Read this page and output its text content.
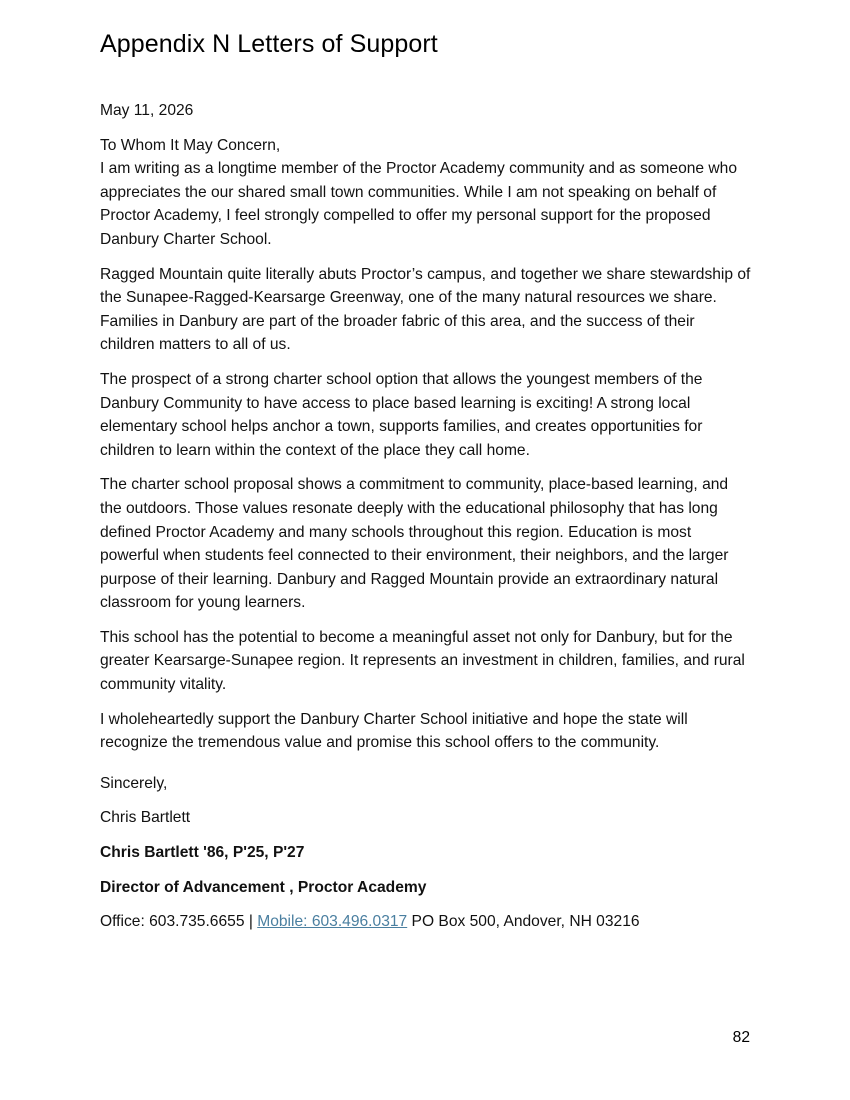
Appendix N Letters of Support

May 11, 2026

To Whom It May Concern,

I am writing as a longtime member of the Proctor Academy community and as someone who appreciates the our shared small town communities. While I am not speaking on behalf of Proctor Academy, I feel strongly compelled to offer my personal support for the proposed Danbury Charter School.

Ragged Mountain quite literally abuts Proctor’s campus, and together we share stewardship of the Sunapee-Ragged-Kearsarge Greenway, one of the many natural resources we share. Families in Danbury are part of the broader fabric of this area, and the success of their children matters to all of us.

The prospect of a strong charter school option that allows the youngest members of the Danbury Community to have access to place based learning is exciting! A strong local elementary school helps anchor a town, supports families, and creates opportunities for children to learn within the context of the place they call home.

The charter school proposal shows a commitment to community, place-based learning, and the outdoors. Those values resonate deeply with the educational philosophy that has long defined Proctor Academy and many schools throughout this region. Education is most powerful when students feel connected to their environment, their neighbors, and the larger purpose of their learning. Danbury and Ragged Mountain provide an extraordinary natural classroom for young learners.

This school has the potential to become a meaningful asset not only for Danbury, but for the greater Kearsarge-Sunapee region. It represents an investment in children, families, and rural community vitality.

I wholeheartedly support the Danbury Charter School initiative and hope the state will recognize the tremendous value and promise this school offers to the community.

Sincerely,

Chris Bartlett

Chris Bartlett '86, P'25, P'27

Director of Advancement , Proctor Academy

Office: 603.735.6655 | Mobile: 603.496.0317 PO Box 500, Andover, NH 03216

82
